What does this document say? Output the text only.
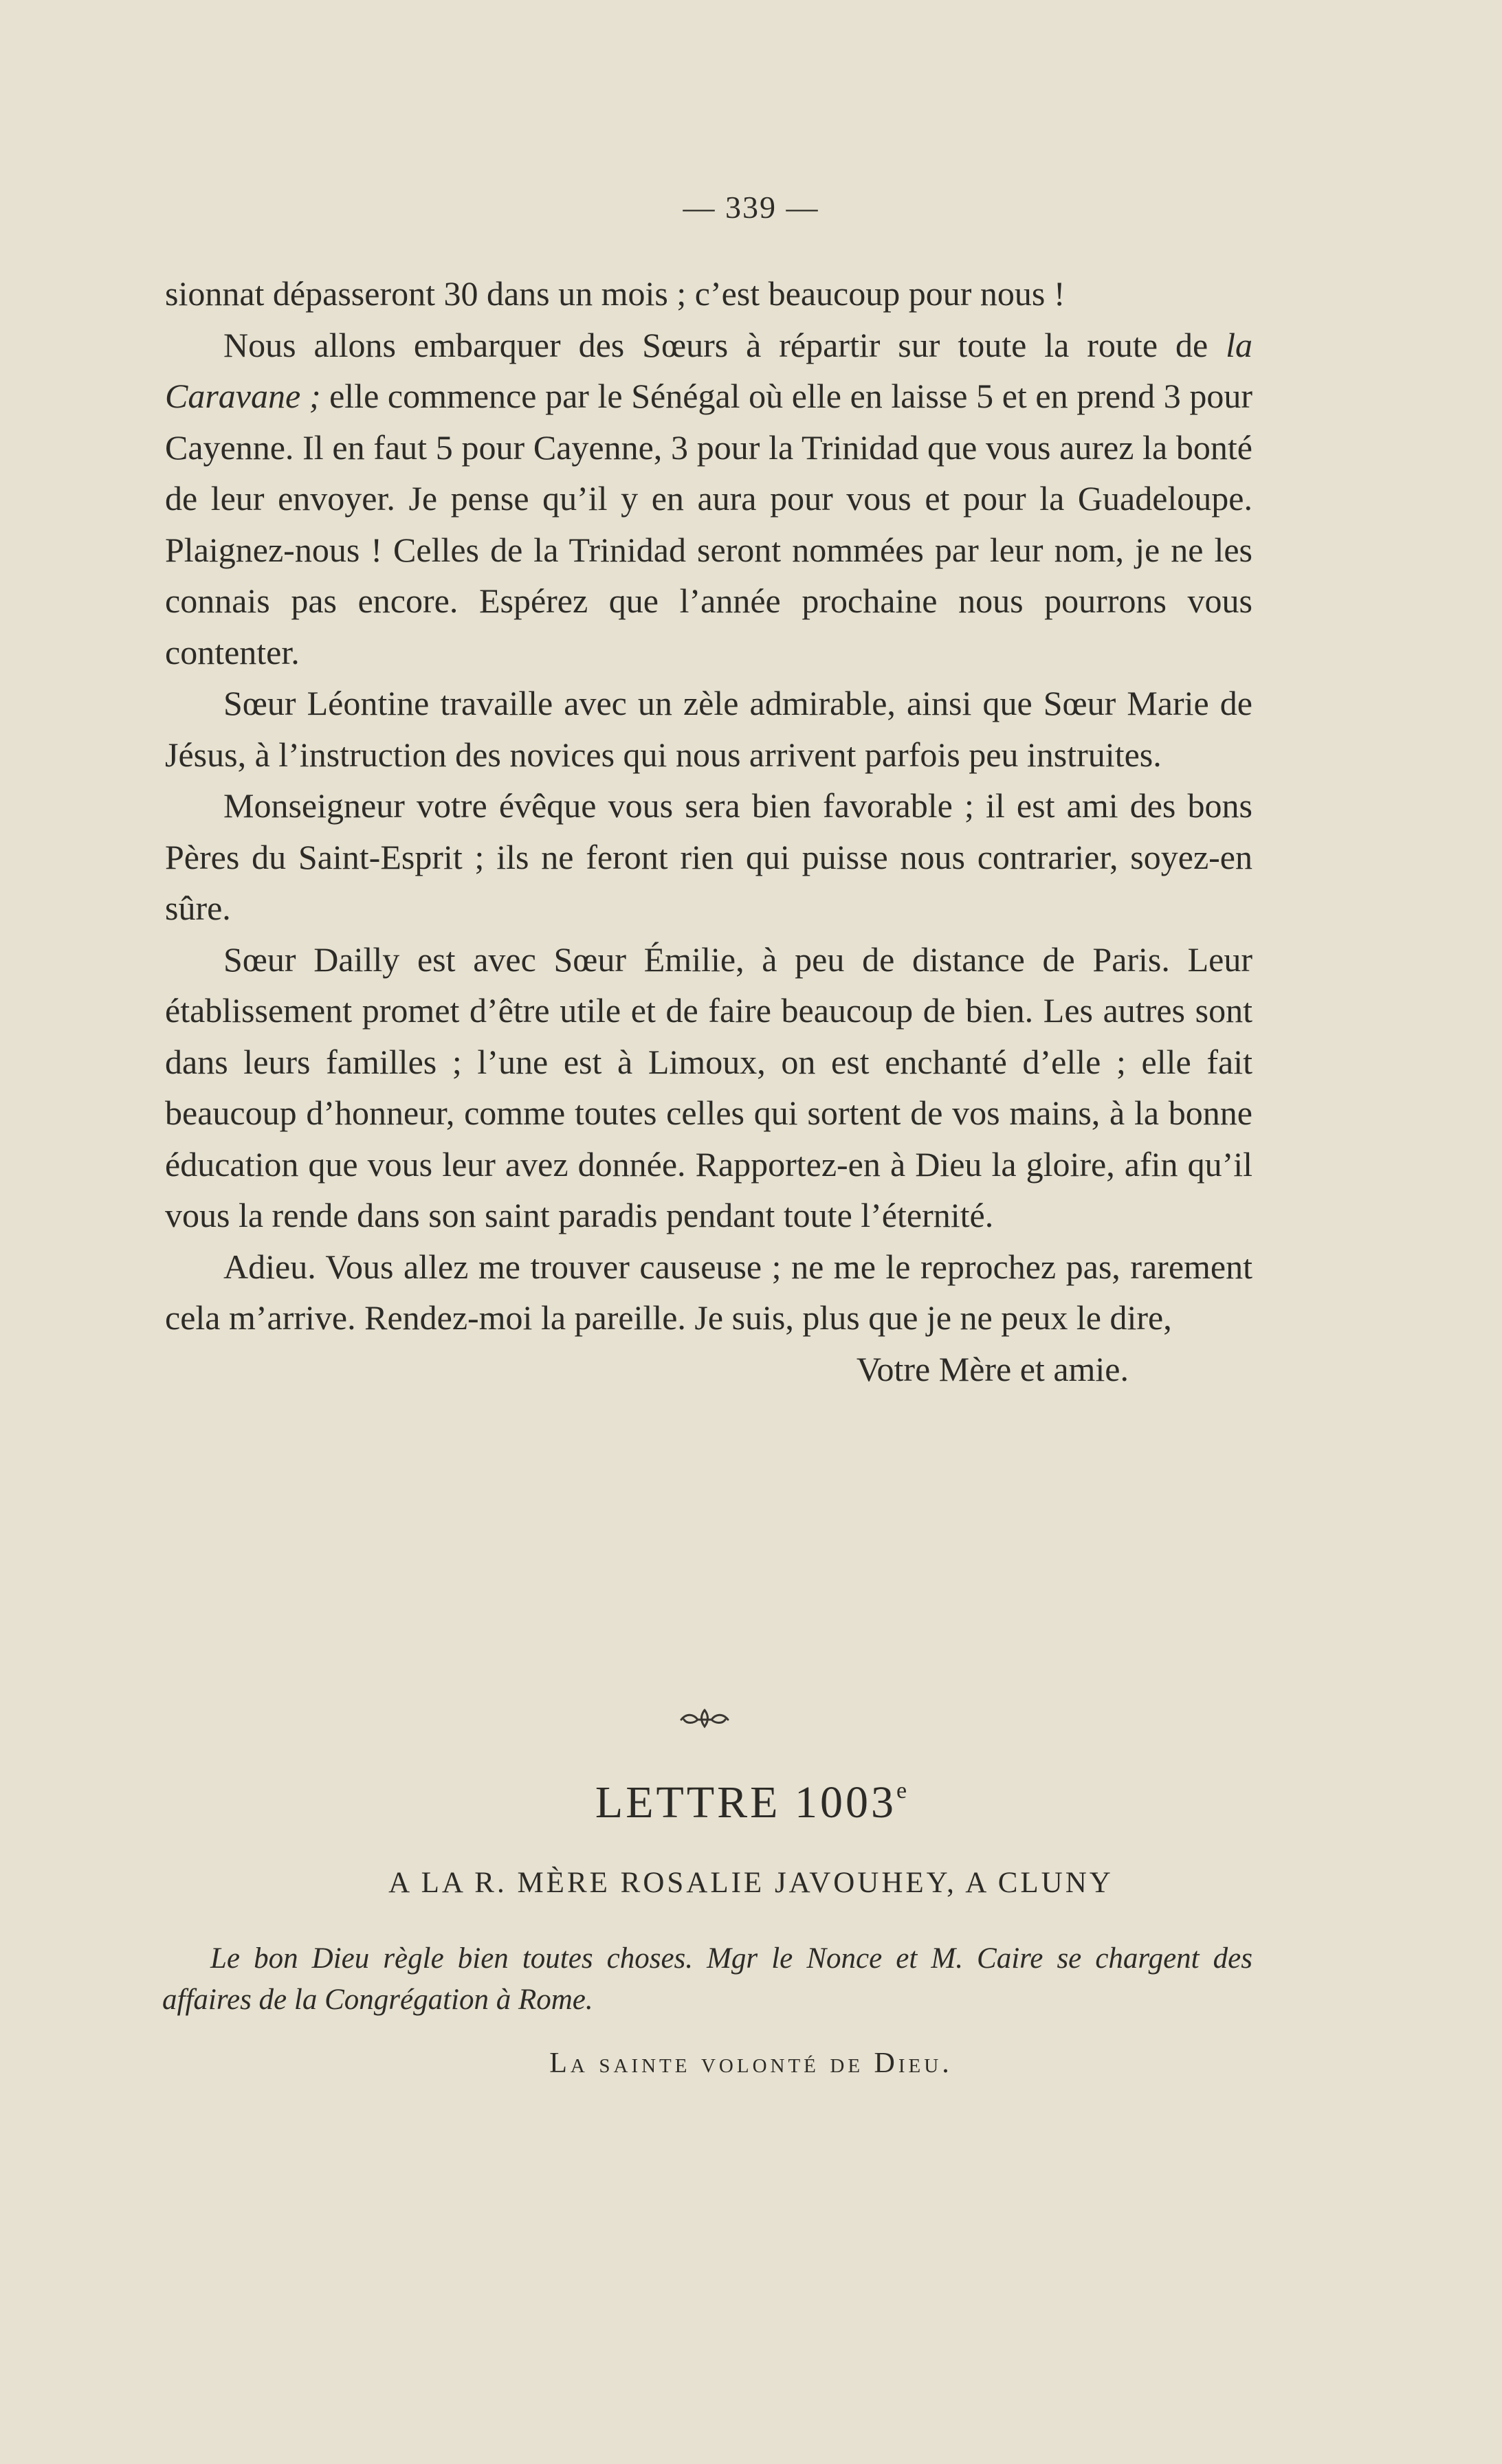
— 339 —

sionnat dépasseront 30 dans un mois ; c’est beaucoup pour nous !

Nous allons embarquer des Sœurs à répartir sur toute la route de la Caravane ; elle commence par le Sénégal où elle en laisse 5 et en prend 3 pour Cayenne. Il en faut 5 pour Cayenne, 3 pour la Trinidad que vous aurez la bonté de leur envoyer. Je pense qu’il y en aura pour vous et pour la Guadeloupe. Plaignez-nous ! Celles de la Trinidad seront nommées par leur nom, je ne les connais pas encore. Espérez que l’année prochaine nous pourrons vous contenter.

Sœur Léontine travaille avec un zèle admirable, ainsi que Sœur Marie de Jésus, à l’instruction des novices qui nous arrivent parfois peu instruites.

Monseigneur votre évêque vous sera bien favorable ; il est ami des bons Pères du Saint-Esprit ; ils ne feront rien qui puisse nous contrarier, soyez-en sûre.

Sœur Dailly est avec Sœur Émilie, à peu de distance de Paris. Leur établissement promet d’être utile et de faire beaucoup de bien. Les autres sont dans leurs familles ; l’une est à Limoux, on est enchanté d’elle ; elle fait beaucoup d’honneur, comme toutes celles qui sortent de vos mains, à la bonne éducation que vous leur avez donnée. Rapportez-en à Dieu la gloire, afin qu’il vous la rende dans son saint paradis pendant toute l’éternité.

Adieu. Vous allez me trouver causeuse ; ne me le reprochez pas, rarement cela m’arrive. Rendez-moi la pareille. Je suis, plus que je ne peux le dire,

Votre Mère et amie.

LETTRE 1003e
A LA R. MÈRE ROSALIE JAVOUHEY, A CLUNY
Le bon Dieu règle bien toutes choses. Mgr le Nonce et M. Caire se chargent des affaires de la Congrégation à Rome.
La sainte volonté de Dieu.
